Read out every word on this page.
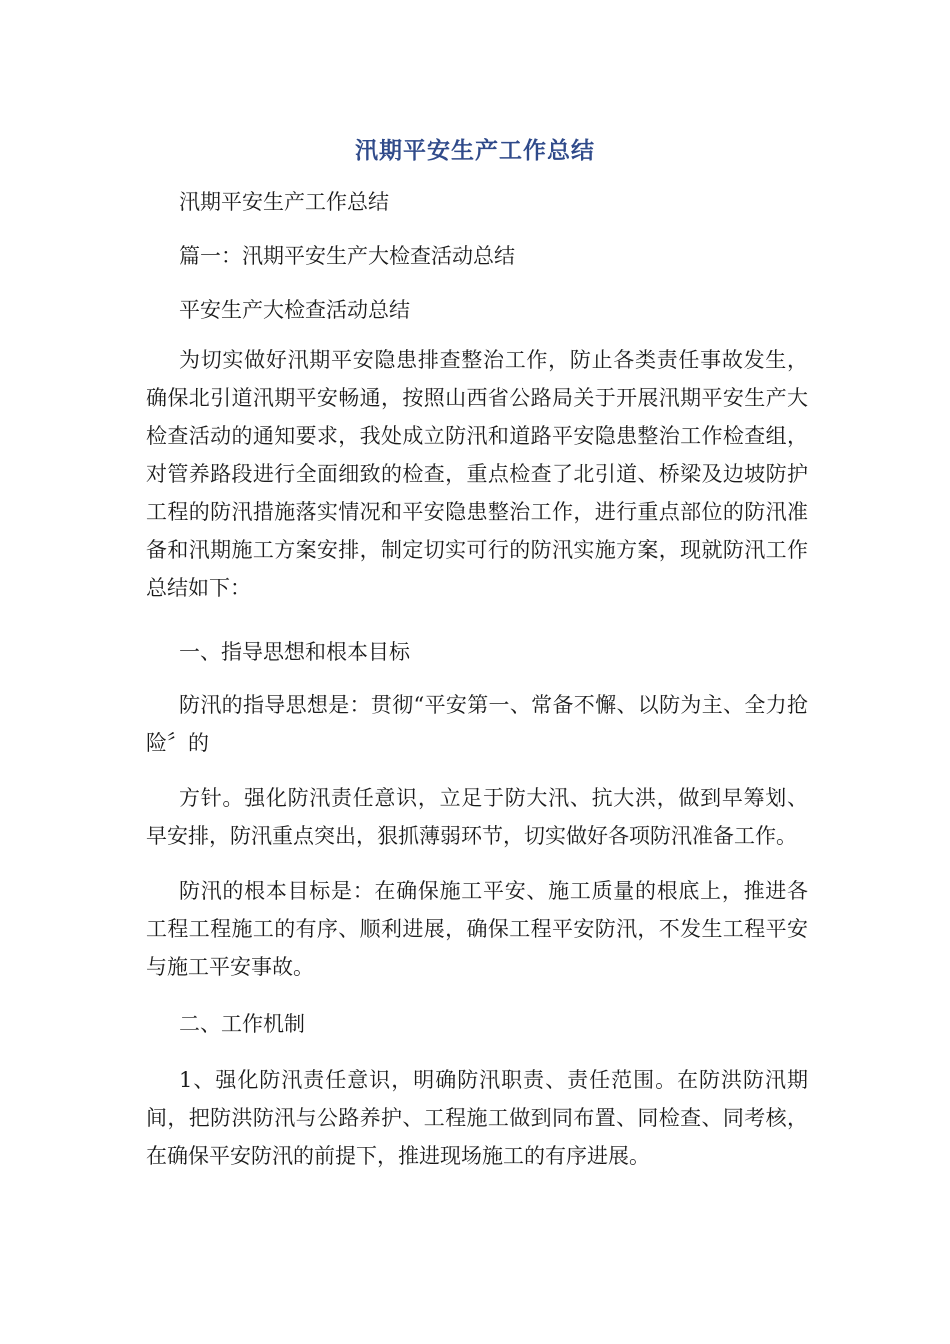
汛期平安生产工作总结
汛期平安生产工作总结
篇一：汛期平安生产大检查活动总结
平安生产大检查活动总结
为切实做好汛期平安隐患排查整治工作，防止各类责任事故发生，确保北引道汛期平安畅通，按照山西省公路局关于开展汛期平安生产大检查活动的通知要求，我处成立防汛和道路平安隐患整治工作检查组，对管养路段进行全面细致的检查，重点检查了北引道、桥梁及边坡防护工程的防汛措施落实情况和平安隐患整治工作，进行重点部位的防汛准备和汛期施工方案安排，制定切实可行的防汛实施方案，现就防汛工作总结如下：
一、指导思想和根本目标
防汛的指导思想是：贯彻“平安第一、常备不懈、以防为主、全力抢险〞的
方针。强化防汛责任意识，立足于防大汛、抗大洪，做到早筹划、早安排，防汛重点突出，狠抓薄弱环节，切实做好各项防汛准备工作。
防汛的根本目标是：在确保施工平安、施工质量的根底上，推进各工程工程施工的有序、顺利进展，确保工程平安防汛，不发生工程平安与施工平安事故。
二、工作机制
1、强化防汛责任意识，明确防汛职责、责任范围。在防洪防汛期间，把防洪防汛与公路养护、工程施工做到同布置、同检查、同考核，在确保平安防汛的前提下，推进现场施工的有序进展。
